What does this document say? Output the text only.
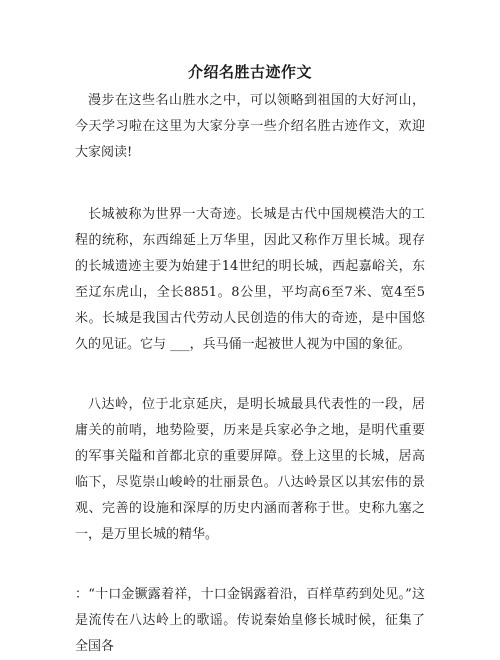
介绍名胜古迹作文

漫步在这些名山胜水之中，可以领略到祖国的大好河山，今天学习啦在这里为大家分享一些介绍名胜古迹作文，欢迎大家阅读!

长城被称为世界一大奇迹。长城是古代中国规模浩大的工程的统称，东西绵延上万华里，因此又称作万里长城。现存的长城遗迹主要为始建于14世纪的明长城，西起嘉峪关，东至辽东虎山，全长8851。8公里，平均高6至7米、宽4至5米。长城是我国古代劳动人民创造的伟大的奇迹，是中国悠久的见证。它与 ___，兵马俑一起被世人视为中国的象征。

八达岭，位于北京延庆，是明长城最具代表性的一段，居庸关的前哨，地势险要，历来是兵家必争之地，是明代重要的军事关隘和首都北京的重要屏障。登上这里的长城，居高临下，尽览崇山峻岭的壮丽景色。八达岭景区以其宏伟的景观、完善的设施和深厚的历史内涵而著称于世。史称九塞之一，是万里长城的精华。

：“十口金镢露着祥，十口金锅露着沿，百样草药到处见。”这是流传在八达岭上的歌谣。传说秦始皇修长城时候，征集了全国各
